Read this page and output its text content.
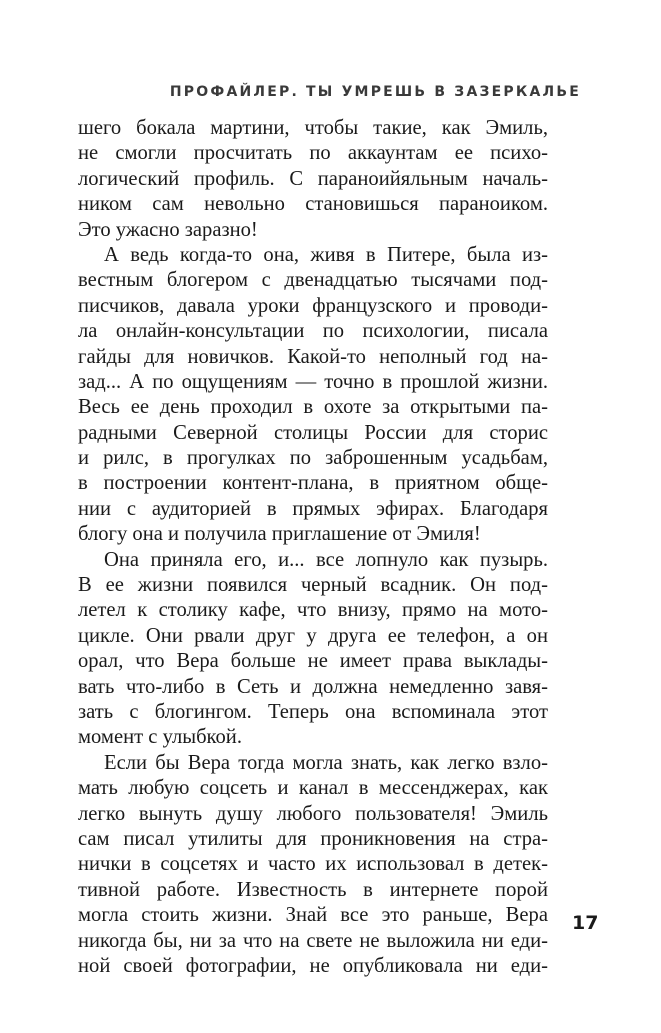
ПРОФАЙЛЕР. ТЫ УМРЕШЬ В ЗАЗЕРКАЛЬЕ
шего бокала мартини, чтобы такие, как Эмиль,
не смогли просчитать по аккаунтам ее психо-
логический профиль. С параноийяльным началь-
ником сам невольно становишься параноиком.
Это ужасно заразно!
А ведь когда-то она, живя в Питере, была из-
вестным блогером с двенадцатью тысячами под-
писчиков, давала уроки французского и проводи-
ла онлайн-консультации по психологии, писала
гайды для новичков. Какой-то неполный год на-
зад... А по ощущениям — точно в прошлой жизни.
Весь ее день проходил в охоте за открытыми па-
радными Северной столицы России для сторис
и рилс, в прогулках по заброшенным усадьбам,
в построении контент-плана, в приятном обще-
нии с аудиторией в прямых эфирах. Благодаря
блогу она и получила приглашение от Эмиля!
Она приняла его, и... все лопнуло как пузырь.
В ее жизни появился черный всадник. Он под-
летел к столику кафе, что внизу, прямо на мото-
цикле. Они рвали друг у друга ее телефон, а он
орал, что Вера больше не имеет права выклады-
вать что-либо в Сеть и должна немедленно завя-
зать с блогингом. Теперь она вспоминала этот
момент с улыбкой.
Если бы Вера тогда могла знать, как легко взло-
мать любую соцсеть и канал в мессенджерах, как
легко вынуть душу любого пользователя! Эмиль
сам писал утилиты для проникновения на стра-
нички в соцсетях и часто их использовал в детек-
тивной работе. Известность в интернете порой
могла стоить жизни. Знай все это раньше, Вера
никогда бы, ни за что на свете не выложила ни еди-
ной своей фотографии, не опубликовала ни еди-
17
